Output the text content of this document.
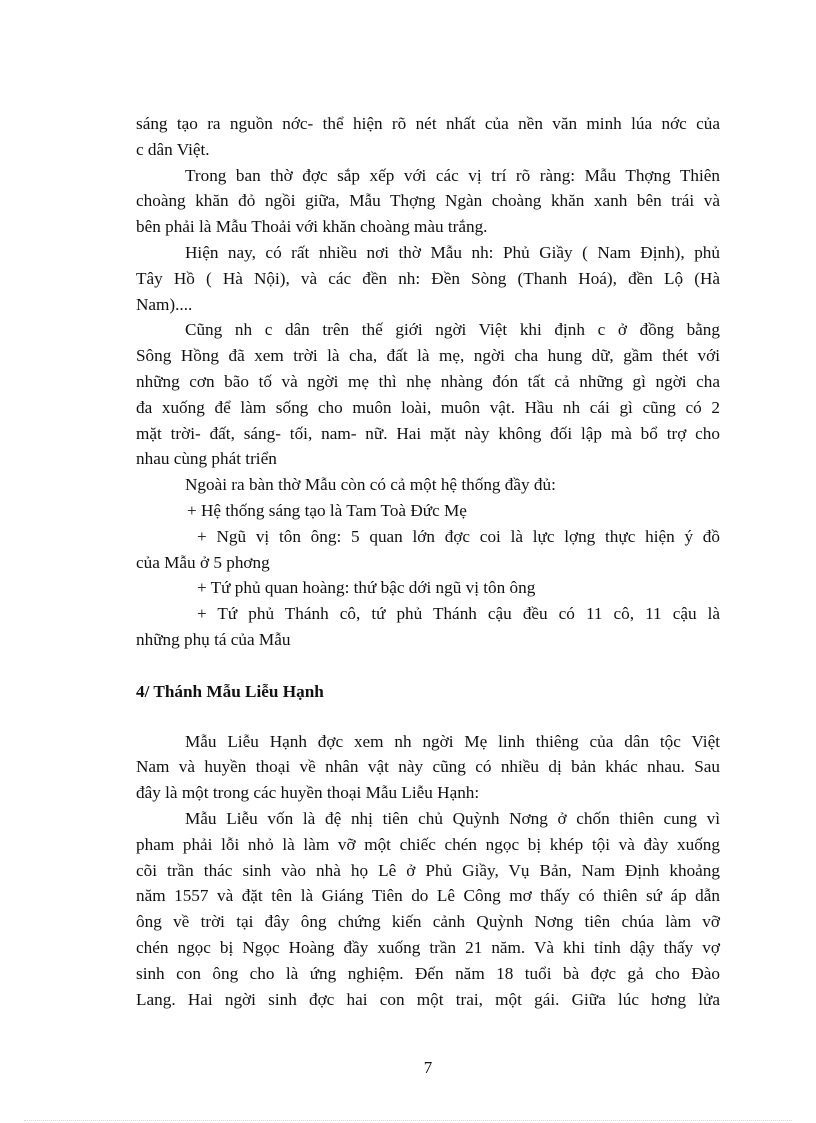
sáng tạo ra nguồn nớc- thể hiện rõ nét nhất của nền văn minh lúa nớc của
c dân Việt.
Trong ban thờ đợc sắp xếp với các vị trí rõ ràng: Mẫu Thợng Thiên
choàng khăn đỏ ngồi giữa, Mẫu Thợng Ngàn choàng khăn xanh bên trái và
bên phải là Mẫu Thoải với khăn choàng màu trắng.
Hiện nay, có rất nhiều nơi thờ Mẫu nh: Phủ Giầy ( Nam Định), phủ
Tây Hồ ( Hà Nội), và các đền nh: Đền Sòng (Thanh Hoá), đền Lộ (Hà
Nam)....
Cũng nh c dân trên thế giới ngời Việt khi định c ở đồng bằng
Sông Hồng đã xem trời là cha, đất là mẹ, ngời cha hung dữ, gầm thét với
những cơn bão tố và ngời mẹ thì nhẹ nhàng đón tất cả những gì ngời cha
đa xuống để làm sống cho muôn loài, muôn vật. Hầu nh cái gì cũng có 2
mặt trời- đất, sáng- tối, nam- nữ. Hai mặt này không đối lập mà bổ trợ cho
nhau cùng phát triển
Ngoài ra bàn thờ Mẫu còn có cả một hệ thống đầy đủ:
+ Hệ thống sáng tạo là Tam Toà Đức Mẹ
+ Ngũ vị tôn ông: 5 quan lớn đợc coi là lực lợng thực hiện ý đồ
của Mẫu ở 5 phơng
+ Tứ phủ quan hoàng: thứ bậc dới ngũ vị tôn ông
+ Tứ phủ Thánh cô, tứ phủ Thánh cậu đều có 11 cô, 11 cậu là
những phụ tá của Mẫu
4/ Thánh Mẫu Liễu Hạnh
Mẫu Liễu Hạnh đợc xem nh ngời Mẹ linh thiêng của dân tộc Việt
Nam và huyền thoại về nhân vật này cũng có nhiều dị bản khác nhau. Sau
đây là một trong các huyền thoại Mẫu Liễu Hạnh:
Mẫu Liễu vốn là đệ nhị tiên chủ Quỳnh Nơng ở chốn thiên cung vì
pham phải lỗi nhỏ là làm vỡ một chiếc chén ngọc bị khép tội và đày xuống
cõi trần thác sinh vào nhà họ Lê ở Phủ Giầy, Vụ Bản, Nam Định khoảng
năm 1557 và đặt tên là Giáng Tiên do Lê Công mơ thấy có thiên sứ áp dẫn
ông về trời tại đây ông chứng kiến cảnh Quỳnh Nơng tiên chúa làm vỡ
chén ngọc bị Ngọc Hoàng đầy xuống trần 21 năm. Và khi tỉnh dậy thấy vợ
sinh con ông cho là ứng nghiệm. Đến năm 18 tuổi bà đợc gả cho Đào
Lang. Hai ngời sinh đợc hai con một trai, một gái. Giữa lúc hơng lửa
7
